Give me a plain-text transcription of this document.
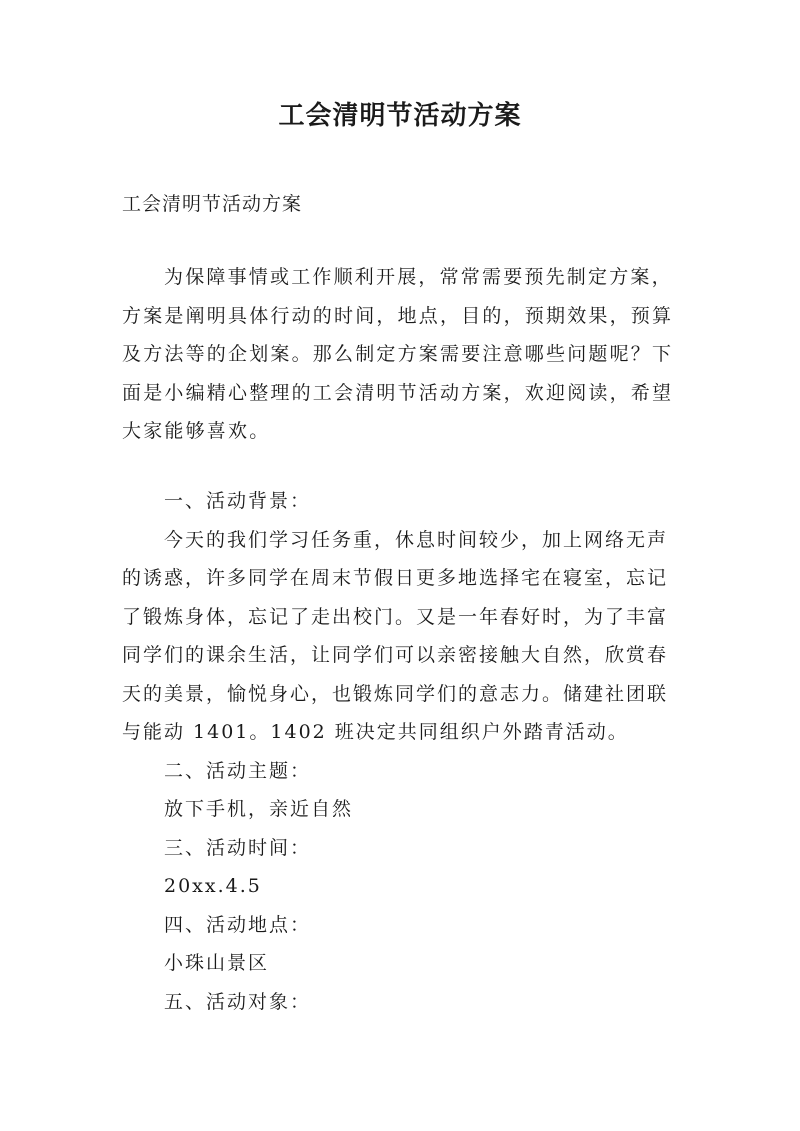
工会清明节活动方案

工会清明节活动方案

为保障事情或工作顺利开展，常常需要预先制定方案，
方案是阐明具体行动的时间，地点，目的，预期效果，预算
及方法等的企划案。那么制定方案需要注意哪些问题呢？下
面是小编精心整理的工会清明节活动方案，欢迎阅读，希望
大家能够喜欢。

一、活动背景：

今天的我们学习任务重，休息时间较少，加上网络无声

的诱惑，许多同学在周末节假日更多地选择宅在寝室，忘记

了锻炼身体，忘记了走出校门。又是一年春好时，为了丰富

同学们的课余生活，让同学们可以亲密接触大自然，欣赏春

天的美景，愉悦身心，也锻炼同学们的意志力。储建社团联

与能动 1401。1402 班决定共同组织户外踏青活动。

二、活动主题：

放下手机，亲近自然

三、活动时间：

20xx.4.5

四、活动地点：

小珠山景区

五、活动对象：
